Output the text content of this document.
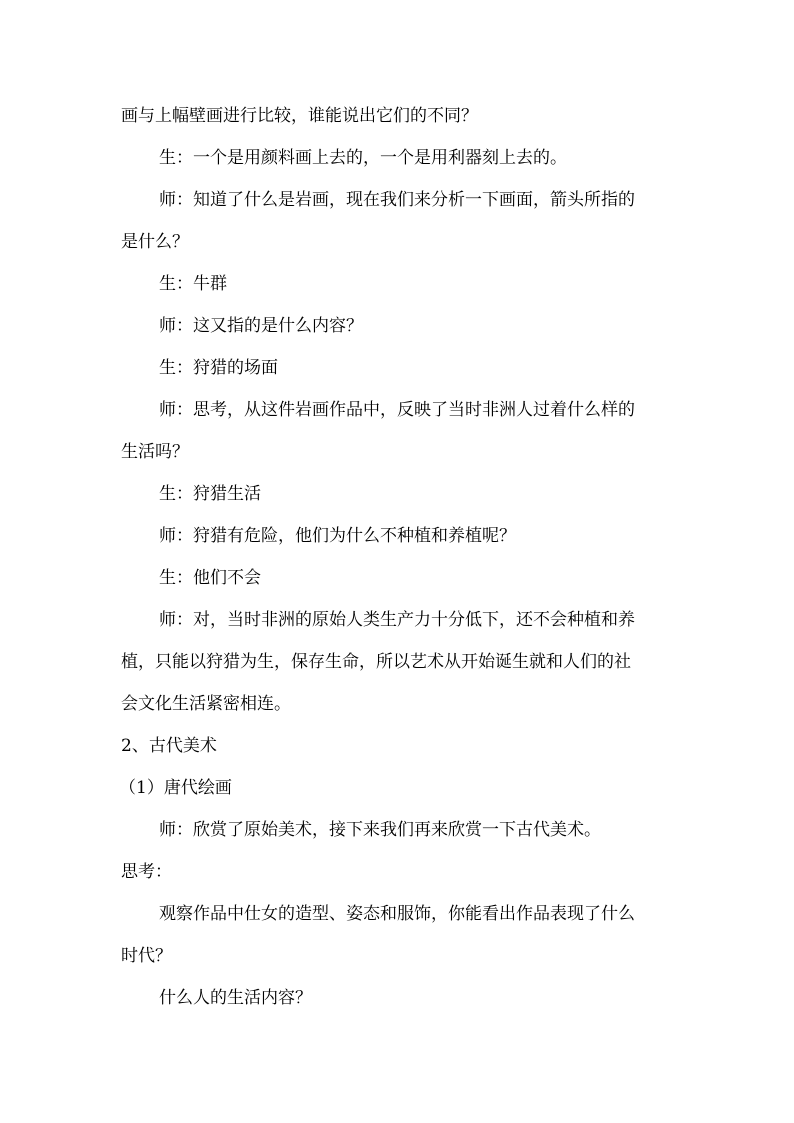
画与上幅壁画进行比较，谁能说出它们的不同？
生：一个是用颜料画上去的，一个是用利器刻上去的。
师：知道了什么是岩画，现在我们来分析一下画面，箭头所指的
是什么？
生：牛群
师：这又指的是什么内容？
生：狩猎的场面
师：思考，从这件岩画作品中，反映了当时非洲人过着什么样的
生活吗？
生：狩猎生活
师：狩猎有危险，他们为什么不种植和养植呢？
生：他们不会
师：对，当时非洲的原始人类生产力十分低下，还不会种植和养
植，只能以狩猎为生，保存生命，所以艺术从开始诞生就和人们的社
会文化生活紧密相连。
2、古代美术
（1）唐代绘画
师：欣赏了原始美术，接下来我们再来欣赏一下古代美术。
思考：
观察作品中仕女的造型、姿态和服饰，你能看出作品表现了什么
时代？
什么人的生活内容？
